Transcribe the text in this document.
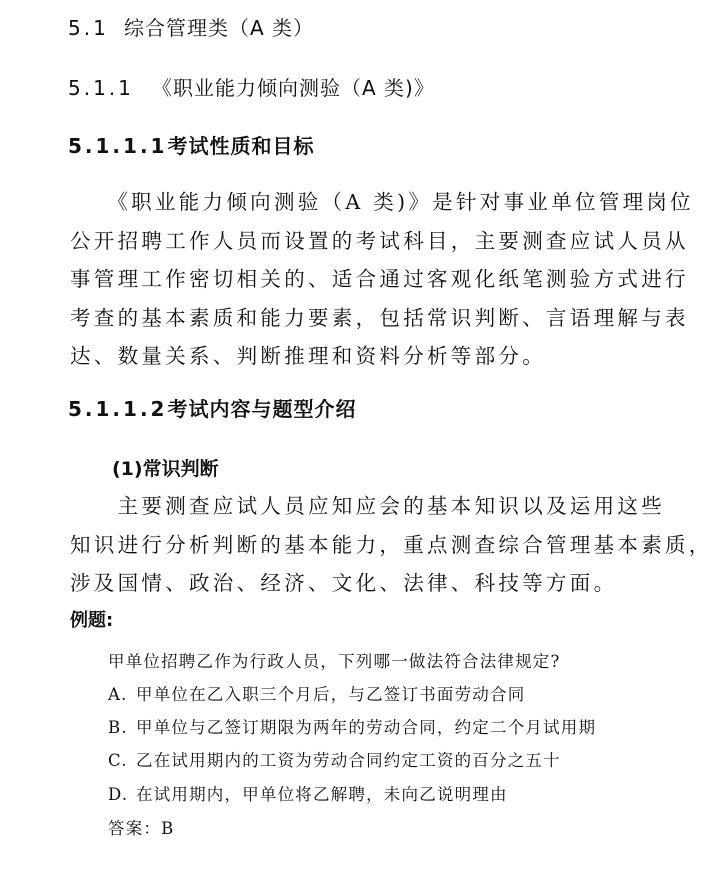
5.1 综合管理类（A 类）
5.1.1 《职业能力倾向测验（A 类)》
5.1.1.1考试性质和目标
　　《职业能力倾向测验（A 类)》是针对事业单位管理岗位
公开招聘工作人员而设置的考试科目，主要测查应试人员从
事管理工作密切相关的、适合通过客观化纸笔测验方式进行
考查的基本素质和能力要素，包括常识判断、言语理解与表
达、数量关系、判断推理和资料分析等部分。
5.1.1.2考试内容与题型介绍
(1)常识判断
　　主要测查应试人员应知应会的基本知识以及运用这些
知识进行分析判断的基本能力，重点测查综合管理基本素质，
涉及国情、政治、经济、文化、法律、科技等方面。
例题:
甲单位招聘乙作为行政人员，下列哪一做法符合法律规定?
A. 甲单位在乙入职三个月后，与乙签订书面劳动合同
B. 甲单位与乙签订期限为两年的劳动合同，约定二个月试用期
C. 乙在试用期内的工资为劳动合同约定工资的百分之五十
D. 在试用期内，甲单位将乙解聘，未向乙说明理由
答案：B
